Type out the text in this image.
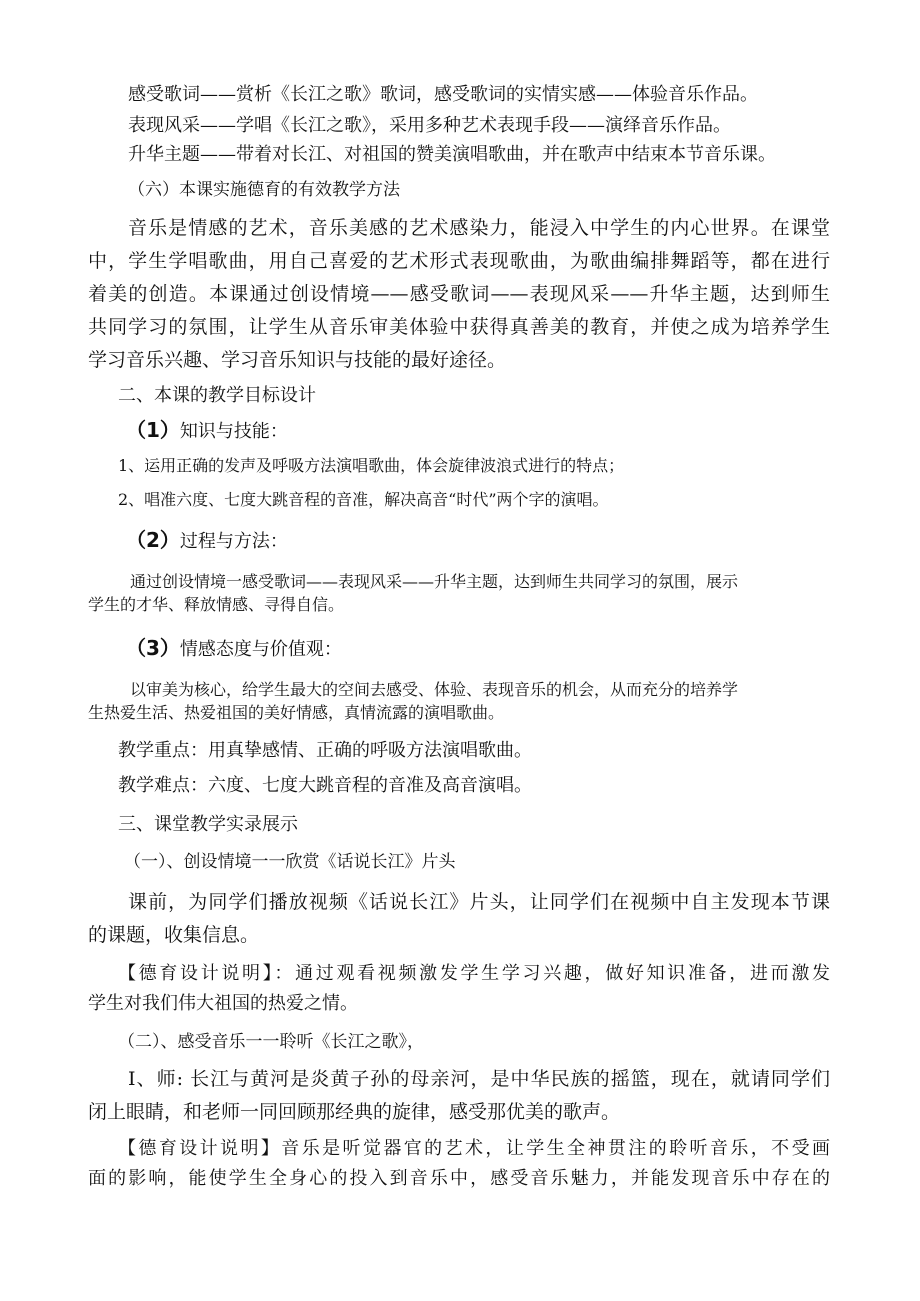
感受歌词——赏析《长江之歌》歌词，感受歌词的实情实感——体验音乐作品。

表现风采——学唱《长江之歌》，采用多种艺术表现手段——演绎音乐作品。

升华主题——带着对长江、对祖国的赞美演唱歌曲，并在歌声中结束本节音乐课。

（六）本课实施德育的有效教学方法

音乐是情感的艺术，音乐美感的艺术感染力，能浸入中学生的内心世界。在课堂

中，学生学唱歌曲，用自己喜爱的艺术形式表现歌曲，为歌曲编排舞蹈等，都在进行

着美的创造。本课通过创设情境——感受歌词——表现风采——升华主题，达到师生

共同学习的氛围，让学生从音乐审美体验中获得真善美的教育，并使之成为培养学生

学习音乐兴趣、学习音乐知识与技能的最好途径。

二、本课的教学目标设计

（1）知识与技能：

1、运用正确的发声及呼吸方法演唱歌曲，体会旋律波浪式进行的特点；

2、唱准六度、七度大跳音程的音准，解决高音“时代”两个字的演唱。

（2）过程与方法：

通过创设情境一感受歌词——表现风采——升华主题，达到师生共同学习的氛围，展示

学生的才华、释放情感、寻得自信。

（3）情感态度与价值观：

以审美为核心，给学生最大的空间去感受、体验、表现音乐的机会，从而充分的培养学

生热爱生活、热爱祖国的美好情感，真情流露的演唱歌曲。

教学重点：用真挚感情、正确的呼吸方法演唱歌曲。

教学难点：六度、七度大跳音程的音准及高音演唱。

三、课堂教学实录展示

（一）、创设情境一一欣赏《话说长江》片头

课前，为同学们播放视频《话说长江》片头，让同学们在视频中自主发现本节课

的课题，收集信息。

【德育设计说明】：通过观看视频激发学生学习兴趣，做好知识准备，进而激发

学生对我们伟大祖国的热爱之情。

（二）、感受音乐一一聆听《长江之歌》，

I、师: 长江与黄河是炎黄子孙的母亲河，是中华民族的摇篮，现在，就请同学们

闭上眼睛，和老师一同回顾那经典的旋律，感受那优美的歌声。

【德育设计说明】音乐是听觉器官的艺术，让学生全神贯注的聆听音乐，不受画

面的影响，能使学生全身心的投入到音乐中，感受音乐魅力，并能发现音乐中存在的
